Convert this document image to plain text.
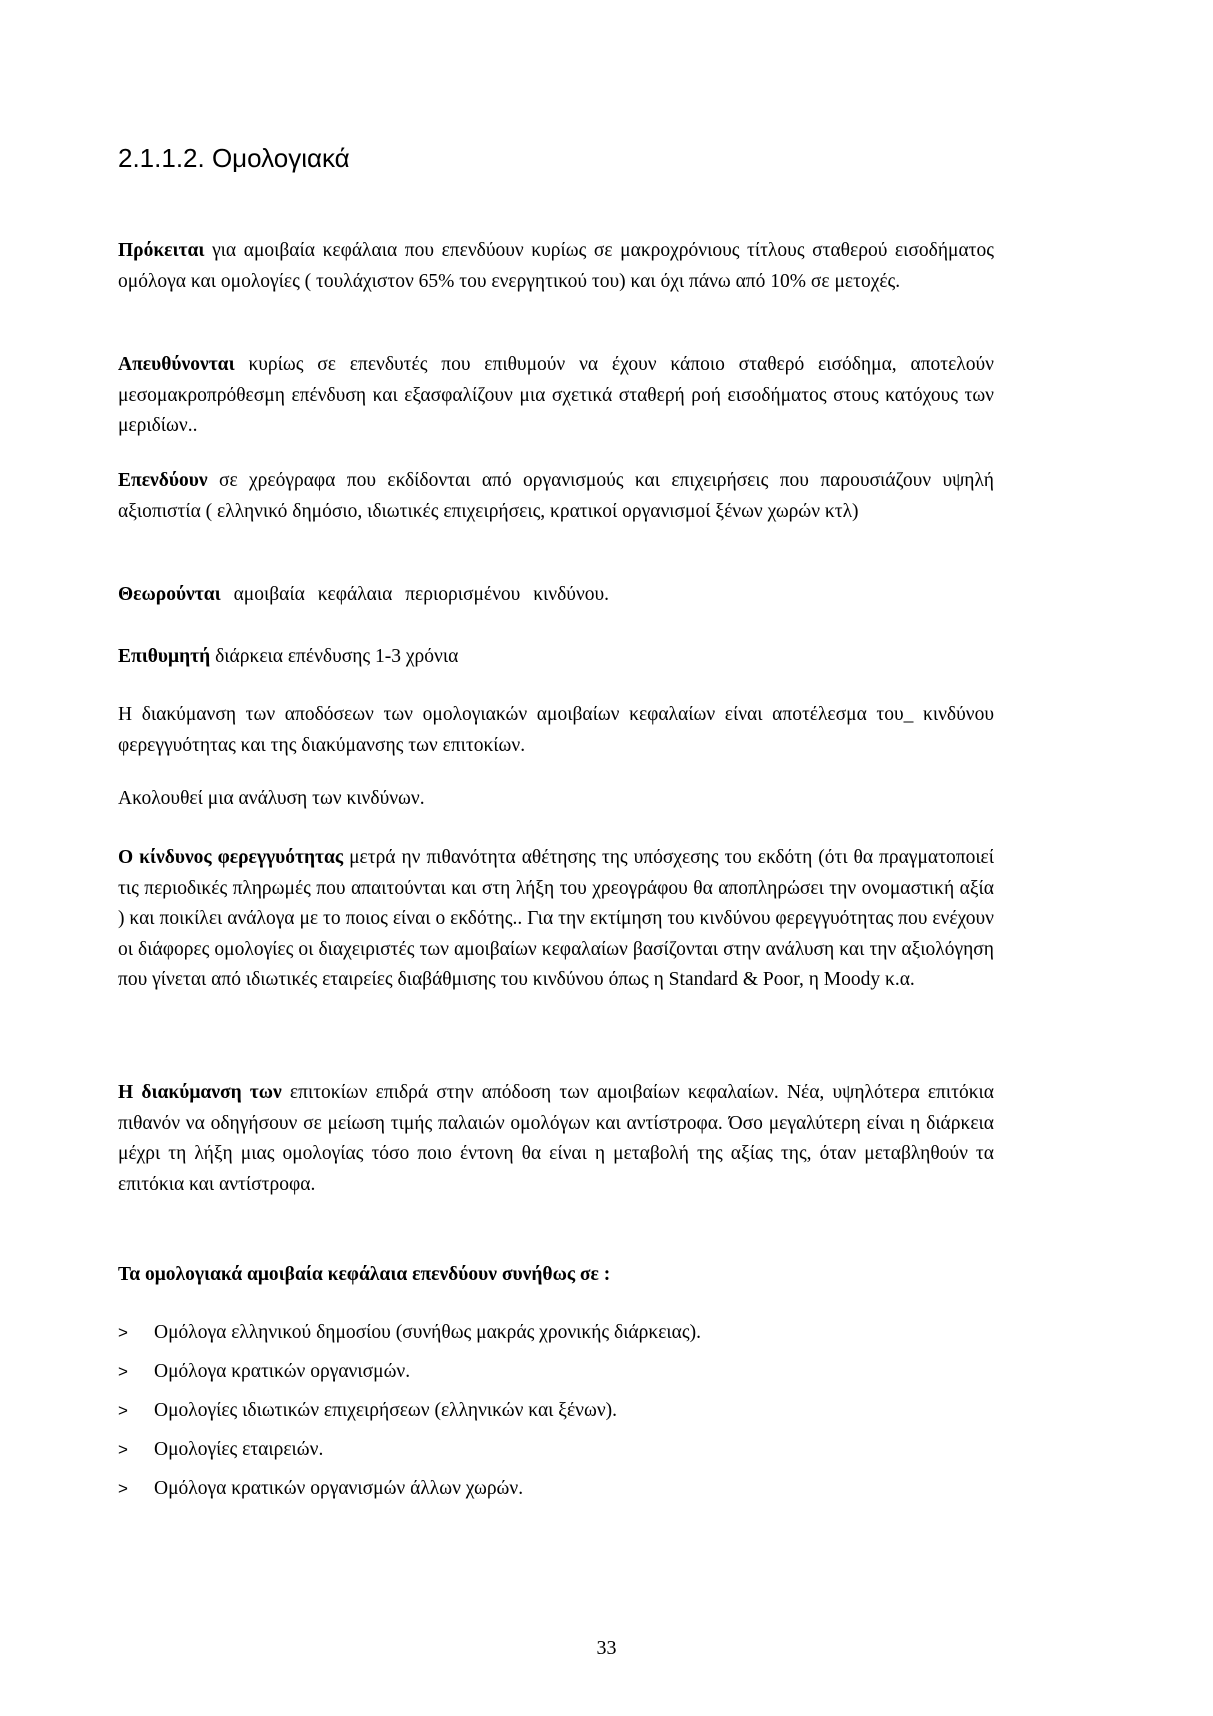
2.1.1.2. Ομολογιακά

Πρόκειται για αμοιβαία κεφάλαια που επενδύουν κυρίως σε μακροχρόνιους τίτλους σταθερού εισοδήματος ομόλογα και ομολογίες ( τουλάχιστον 65% του ενεργητικού του) και όχι πάνω από 10% σε μετοχές.

Απευθύνονται κυρίως σε επενδυτές που επιθυμούν να έχουν κάποιο σταθερό εισόδημα, αποτελούν μεσομακροπρόθεσμη επένδυση και εξασφαλίζουν μια σχετικά σταθερή ροή εισοδήματος στους κατόχους των μεριδίων..

Επενδύουν σε χρεόγραφα που εκδίδονται από οργανισμούς και επιχειρήσεις που παρουσιάζουν υψηλή αξιοπιστία ( ελληνικό δημόσιο, ιδιωτικές επιχειρήσεις, κρατικοί οργανισμοί ξένων χωρών κτλ)

Θεωρούνται αμοιβαία κεφάλαια περιορισμένου κινδύνου.

Επιθυμητή διάρκεια επένδυσης 1-3 χρόνια

Η διακύμανση των αποδόσεων των ομολογιακών αμοιβαίων κεφαλαίων είναι αποτέλεσμα του_ κινδύνου φερεγγυότητας και της διακύμανσης των επιτοκίων.

Ακολουθεί μια ανάλυση των κινδύνων.

Ο κίνδυνος φερεγγυότητας μετρά ην πιθανότητα αθέτησης της υπόσχεσης του εκδότη (ότι θα πραγματοποιεί τις περιοδικές πληρωμές που απαιτούνται και στη λήξη του χρεογράφου θα αποπληρώσει την ονομαστική αξία ) και ποικίλει ανάλογα με το ποιος είναι ο εκδότης.. Για την εκτίμηση του κινδύνου φερεγγυότητας που ενέχουν οι διάφορες ομολογίες οι διαχειριστές των αμοιβαίων κεφαλαίων βασίζονται στην ανάλυση και την αξιολόγηση που γίνεται από ιδιωτικές εταιρείες διαβάθμισης του κινδύνου όπως η Standard & Poor, η Moody κ.α.

Η διακύμανση των επιτοκίων επιδρά στην απόδοση των αμοιβαίων κεφαλαίων. Νέα, υψηλότερα επιτόκια πιθανόν να οδηγήσουν σε μείωση τιμής παλαιών ομολόγων και αντίστροφα. Όσο μεγαλύτερη είναι η διάρκεια μέχρι τη λήξη μιας ομολογίας τόσο ποιο έντονη θα είναι η μεταβολή της αξίας της, όταν μεταβληθούν τα επιτόκια και αντίστροφα.

Τα ομολογιακά αμοιβαία κεφάλαια επενδύουν συνήθως σε :

> Ομόλογα ελληνικού δημοσίου (συνήθως μακράς χρονικής διάρκειας).
> Ομόλογα κρατικών οργανισμών.
> Ομολογίες ιδιωτικών επιχειρήσεων (ελληνικών και ξένων).
> Ομολογίες εταιρειών.
> Ομόλογα κρατικών οργανισμών άλλων χωρών.
33
